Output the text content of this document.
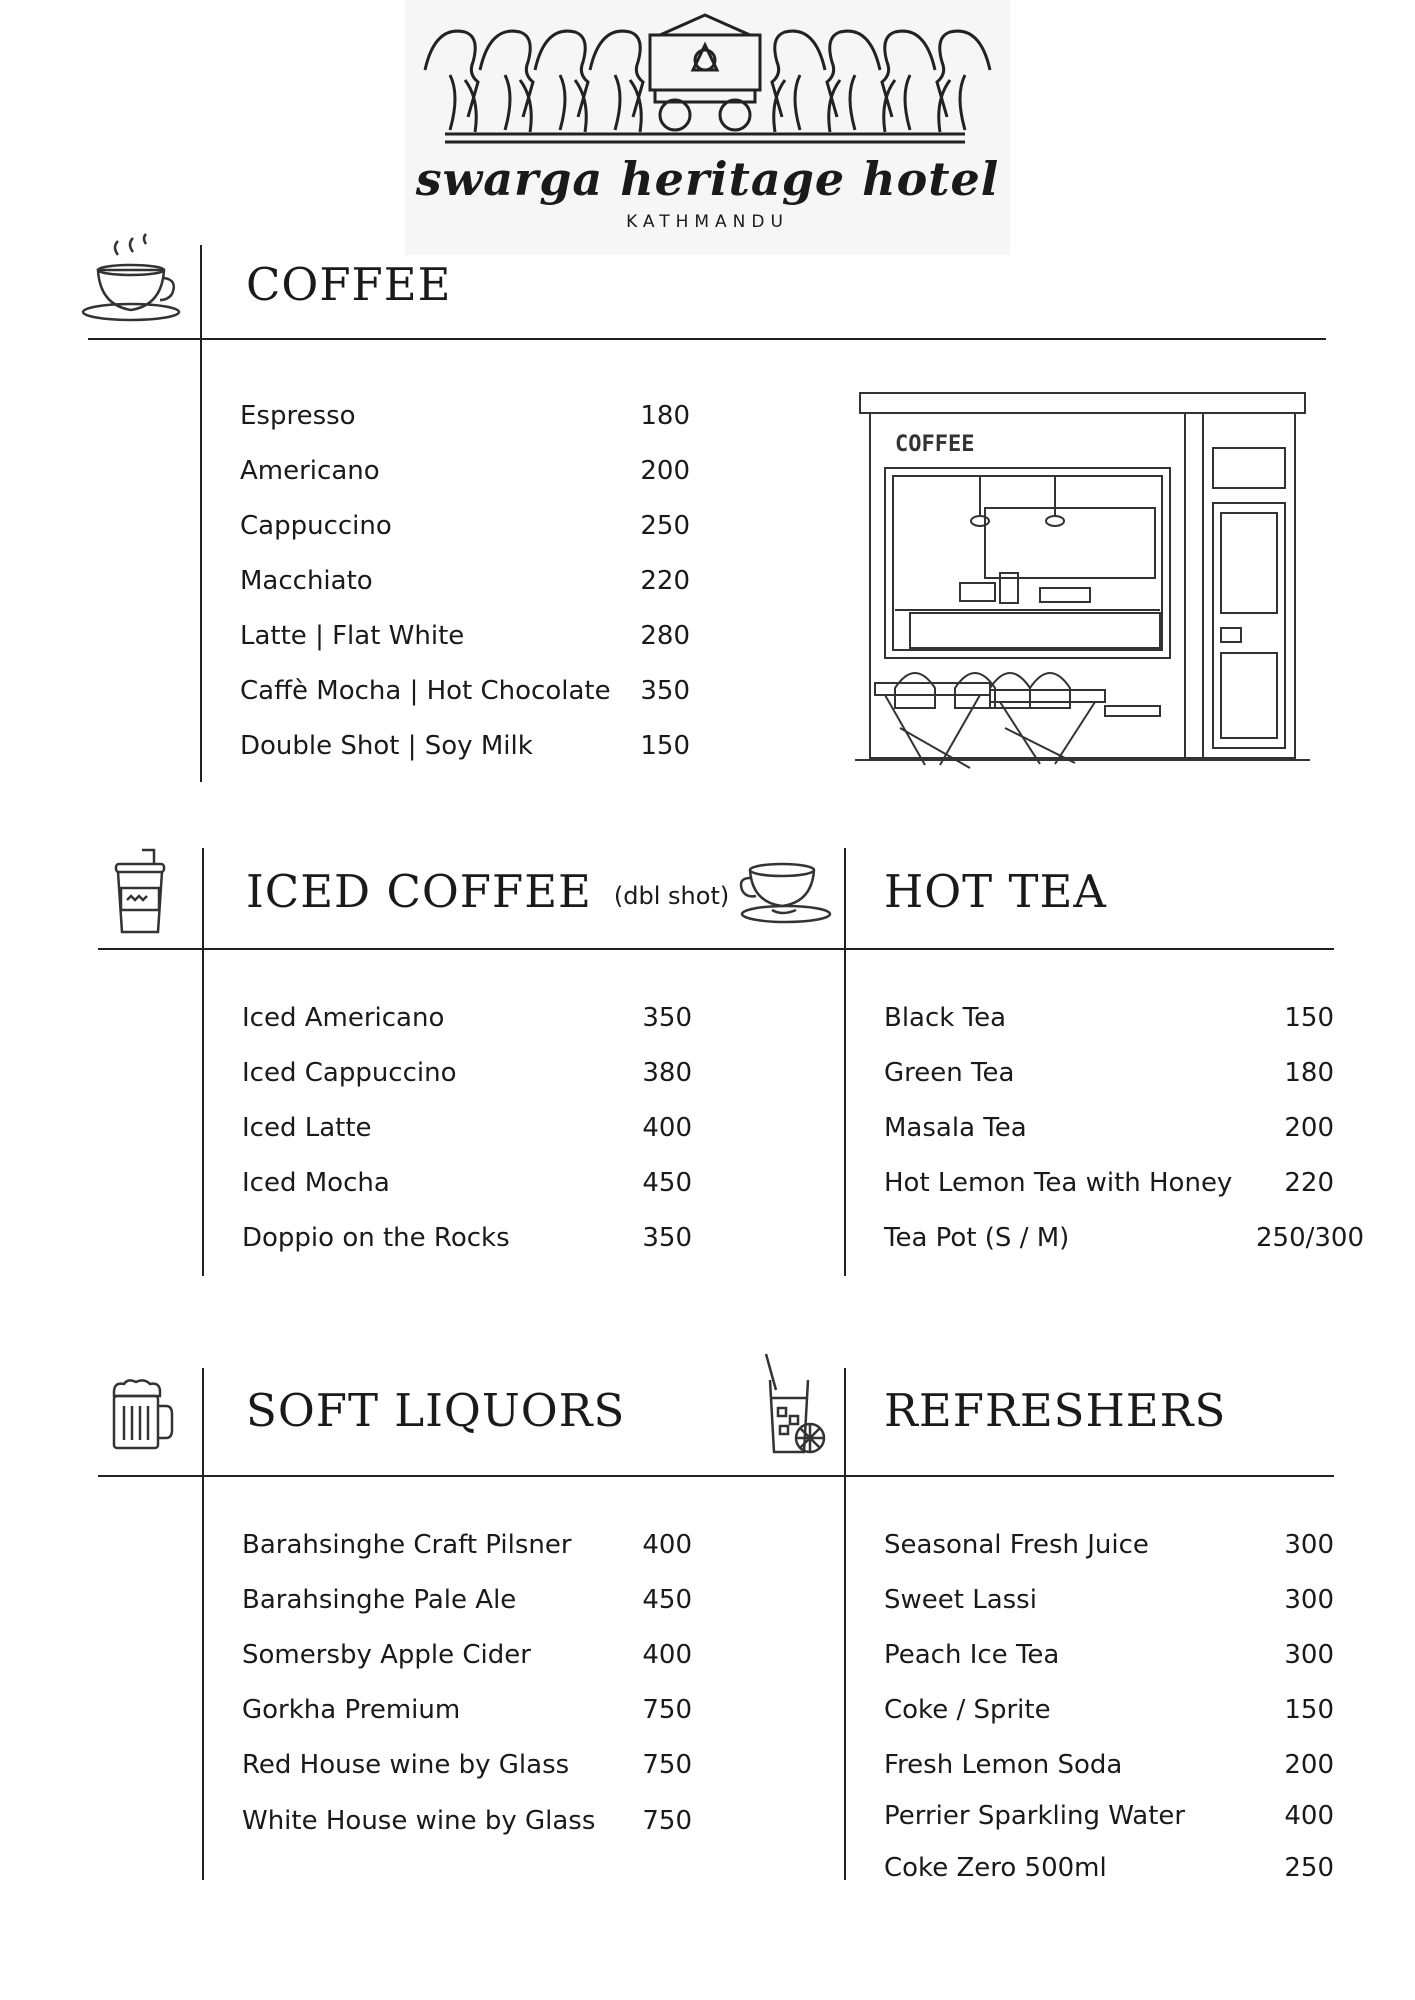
swarga heritage hotel
KATHMANDU
COFFEE
Espresso	180
Americano	200
Cappuccino	250
Macchiato	220
Latte | Flat White	280
Caffè Mocha | Hot Chocolate 350
Double Shot | Soy Milk	150
COFFEE
ICED COFFEE (dbl shot)	HOT TEA
Iced Americano	350
Iced Cappuccino	380
Iced Latte	400
Iced Mocha	450
Doppio on the Rocks	350
Black Tea	150
Green Tea	180
Masala Tea	200
Hot Lemon Tea with Honey 220
Tea Pot (S / M)	250/300
SOFT LIQUORS	REFRESHERS
Barahsinghe Craft Pilsner	400
Barahsinghe Pale Ale	450
Somersby Apple Cider	400
Gorkha Premium	750
Red House wine by Glass	750
White House wine by Glass 750
Seasonal Fresh Juice	300
Sweet Lassi	300
Peach Ice Tea	300
Coke / Sprite	150
Fresh Lemon Soda	200
Perrier Sparkling Water	400
Coke Zero 500ml	250
